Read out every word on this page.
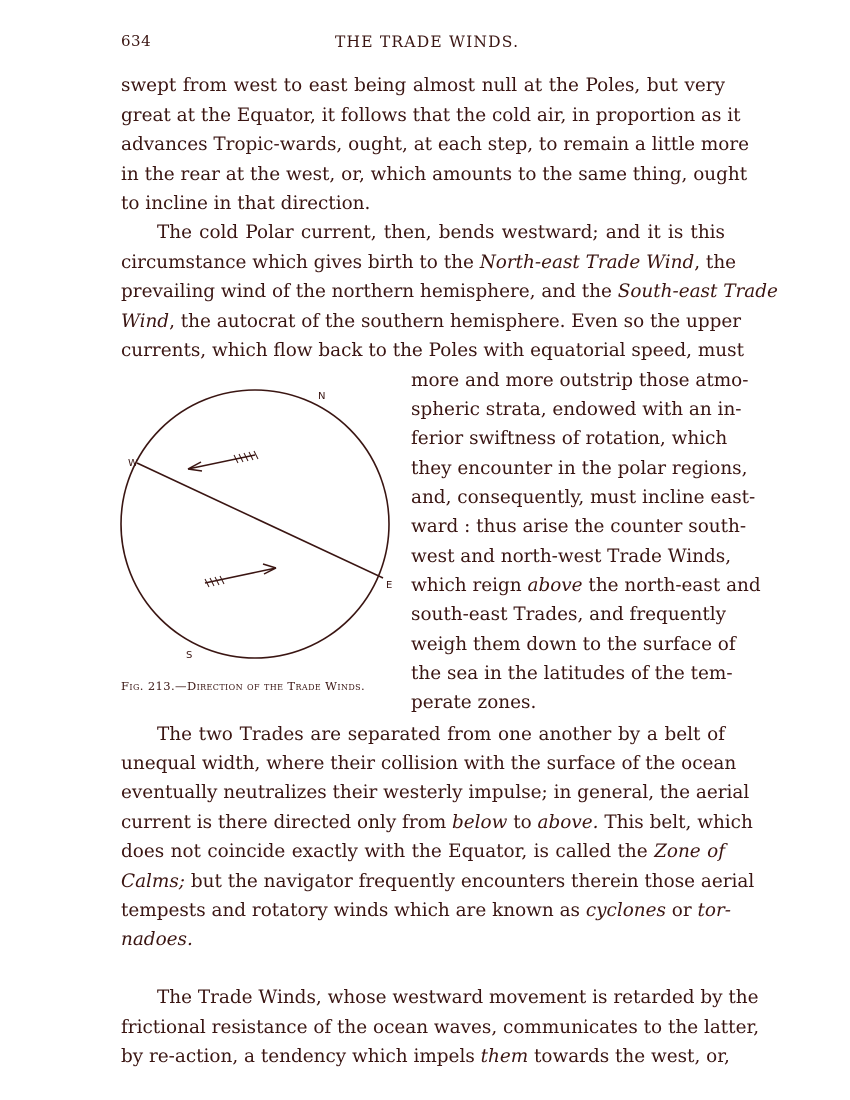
634	THE TRADE WINDS.
swept from west to east being almost null at the Poles, but very
great at the Equator, it follows that the cold air, in proportion as it
advances Tropic-wards, ought, at each step, to remain a little more
in the rear at the west, or, which amounts to the same thing, ought
to incline in that direction.
The cold Polar current, then, bends westward; and it is this
circumstance which gives birth to the North-east Trade Wind, the
prevailing wind of the northern hemisphere, and the South-east Trade
Wind, the autocrat of the southern hemisphere. Even so the upper
currents, which flow back to the Poles with equatorial speed, must
more and more outstrip those atmo-
spheric strata, endowed with an in-
ferior swiftness of rotation, which
they encounter in the polar regions,
and, consequently, must incline east-
ward : thus arise the counter south-
west and north-west Trade Winds,
which reign above the north-east and
south-east Trades, and frequently
weigh them down to the surface of
the sea in the latitudes of the tem-
perate zones.
N
W
E
S
Fig. 213.—Direction of the Trade Winds.
The two Trades are separated from one another by a belt of
unequal width, where their collision with the surface of the ocean
eventually neutralizes their westerly impulse; in general, the aerial
current is there directed only from below to above. This belt, which
does not coincide exactly with the Equator, is called the Zone of
Calms; but the navigator frequently encounters therein those aerial
tempests and rotatory winds which are known as cyclones or tor-
nadoes.
The Trade Winds, whose westward movement is retarded by the
frictional resistance of the ocean waves, communicates to the latter,
by re-action, a tendency which impels them towards the west, or,
